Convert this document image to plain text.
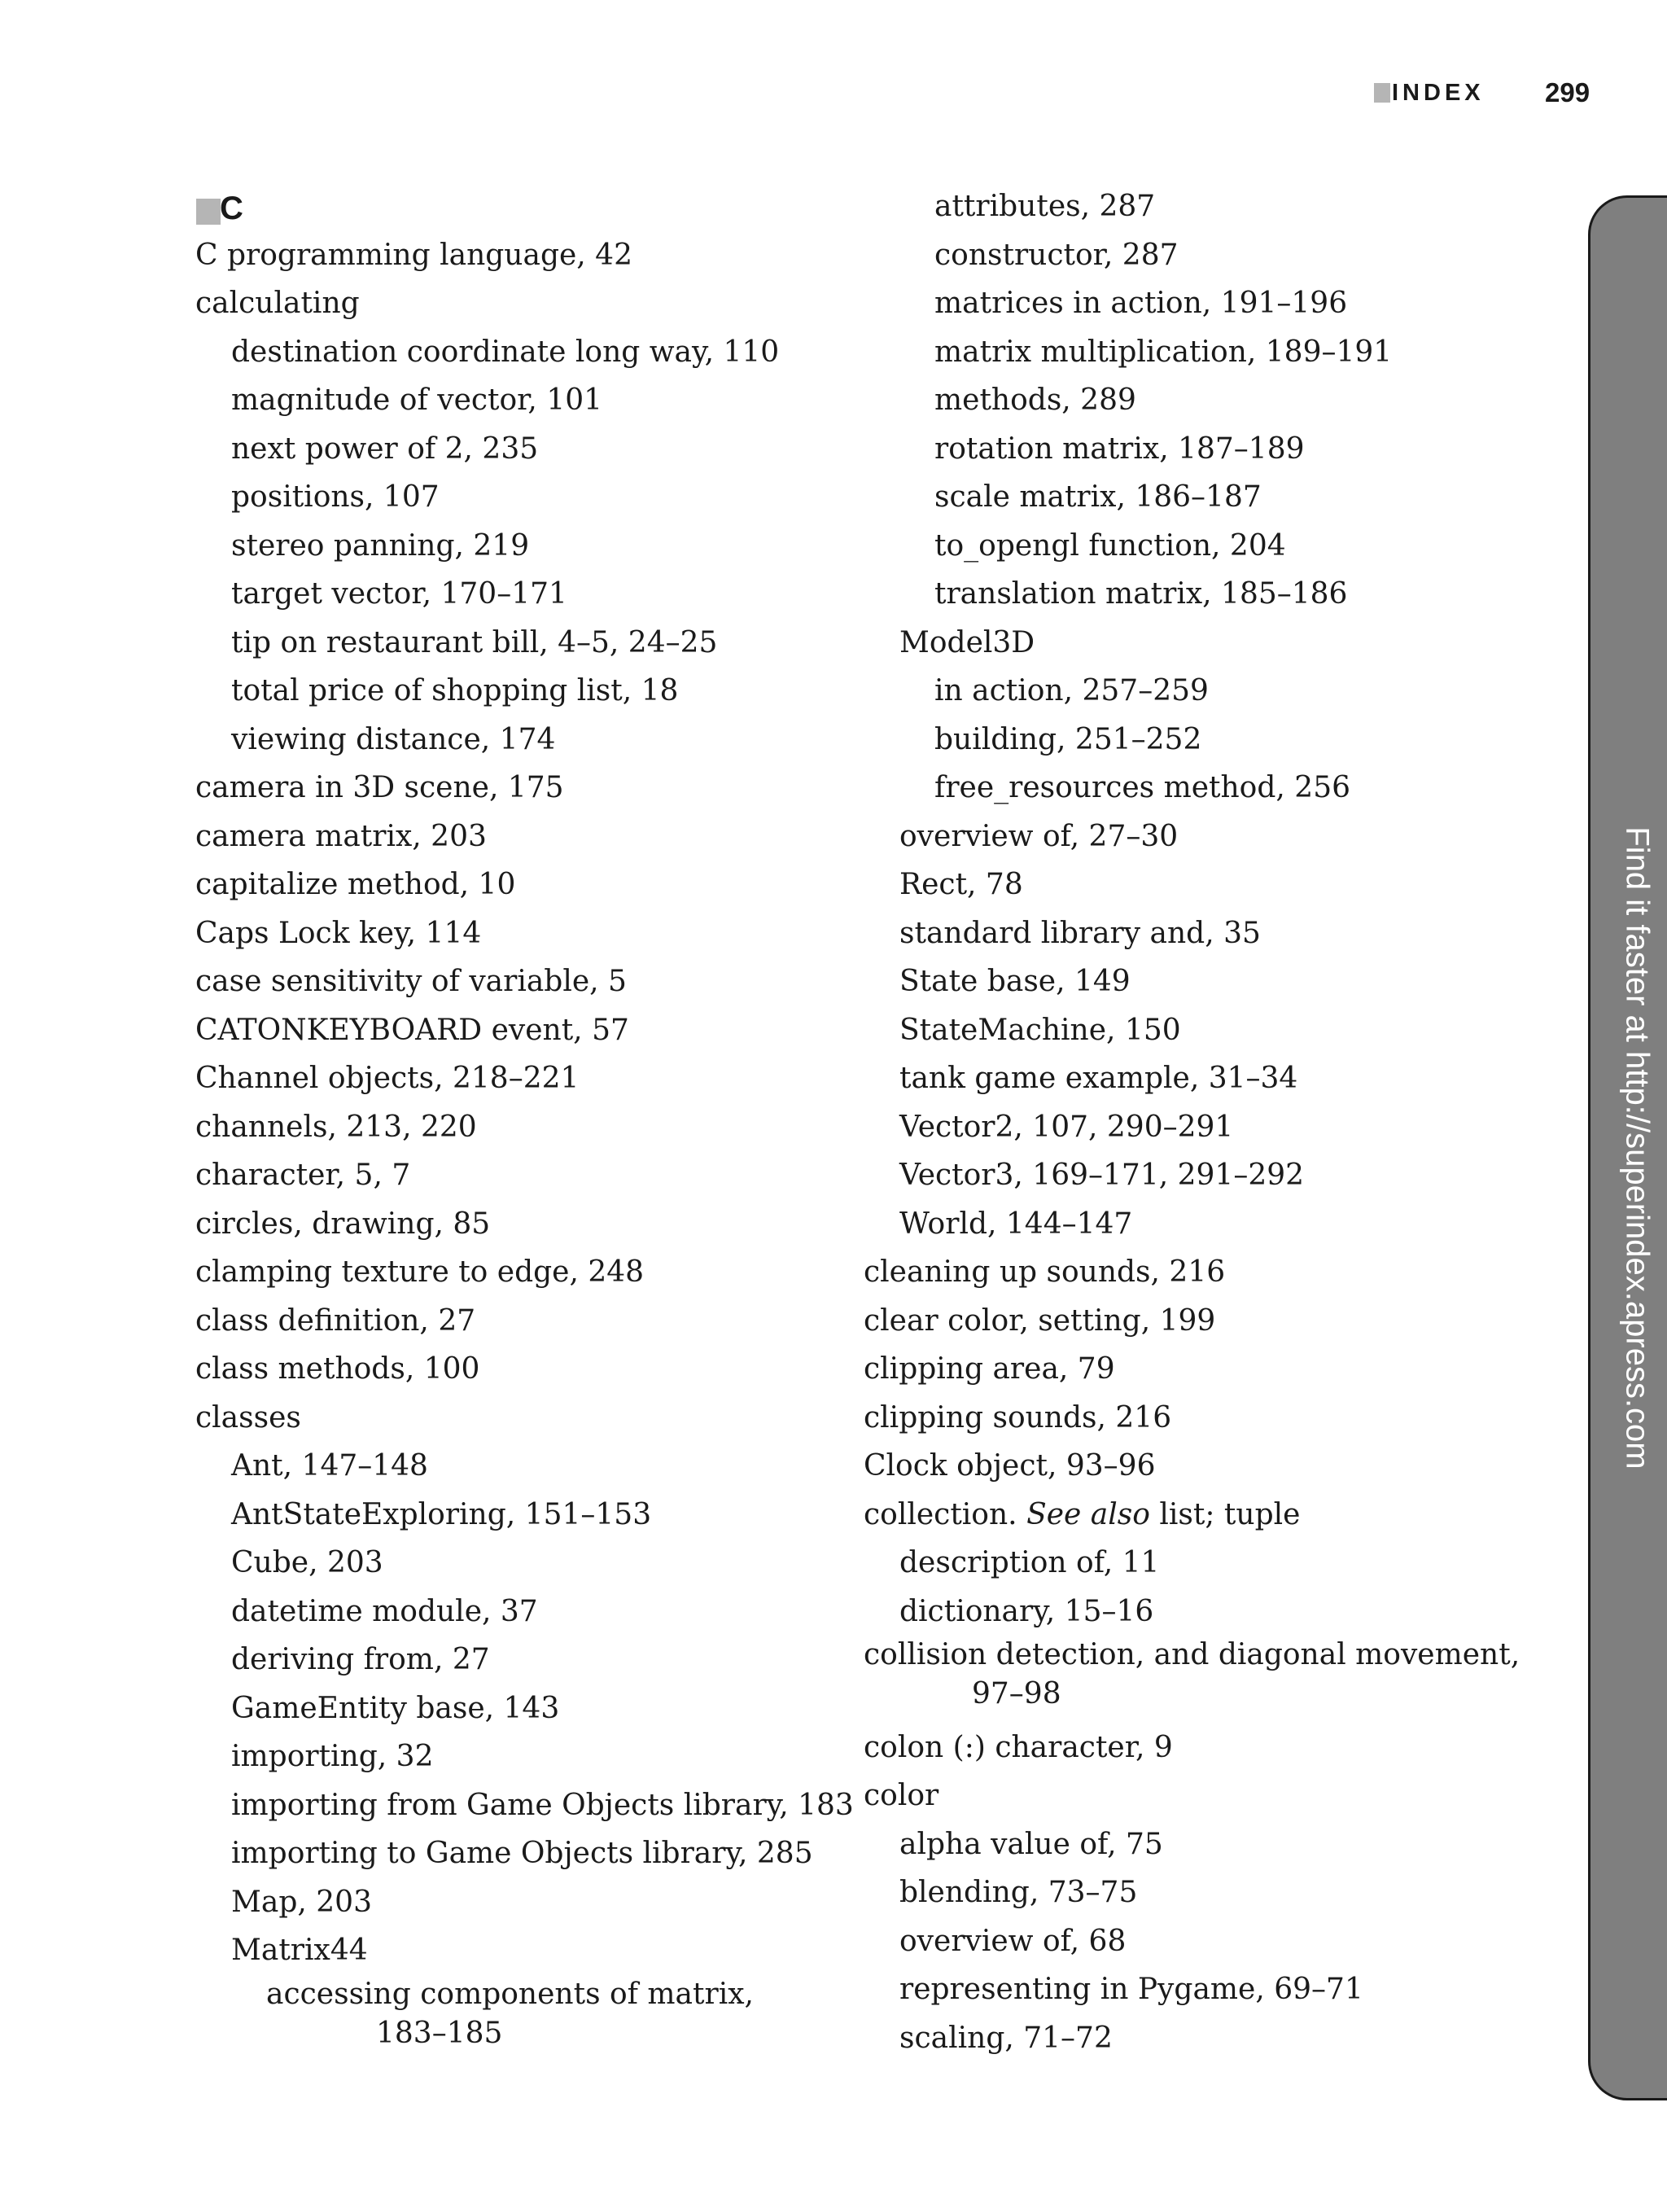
INDEX 299
C
C programming language, 42
calculating
destination coordinate long way, 110
magnitude of vector, 101
next power of 2, 235
positions, 107
stereo panning, 219
target vector, 170–171
tip on restaurant bill, 4–5, 24–25
total price of shopping list, 18
viewing distance, 174
camera in 3D scene, 175
camera matrix, 203
capitalize method, 10
Caps Lock key, 114
case sensitivity of variable, 5
CATONKEYBOARD event, 57
Channel objects, 218–221
channels, 213, 220
character, 5, 7
circles, drawing, 85
clamping texture to edge, 248
class definition, 27
class methods, 100
classes
Ant, 147–148
AntStateExploring, 151–153
Cube, 203
datetime module, 37
deriving from, 27
GameEntity base, 143
importing, 32
importing from Game Objects library, 183
importing to Game Objects library, 285
Map, 203
Matrix44
accessing components of matrix,
183–185
attributes, 287
constructor, 287
matrices in action, 191–196
matrix multiplication, 189–191
methods, 289
rotation matrix, 187–189
scale matrix, 186–187
to_opengl function, 204
translation matrix, 185–186
Model3D
in action, 257–259
building, 251–252
free_resources method, 256
overview of, 27–30
Rect, 78
standard library and, 35
State base, 149
StateMachine, 150
tank game example, 31–34
Vector2, 107, 290–291
Vector3, 169–171, 291–292
World, 144–147
cleaning up sounds, 216
clear color, setting, 199
clipping area, 79
clipping sounds, 216
Clock object, 93–96
collection. See also list; tuple
description of, 11
dictionary, 15–16
collision detection, and diagonal movement,
97–98
colon (:) character, 9
color
alpha value of, 75
blending, 73–75
overview of, 68
representing in Pygame, 69–71
scaling, 71–72
Find it faster at http://superindex.apress.com
